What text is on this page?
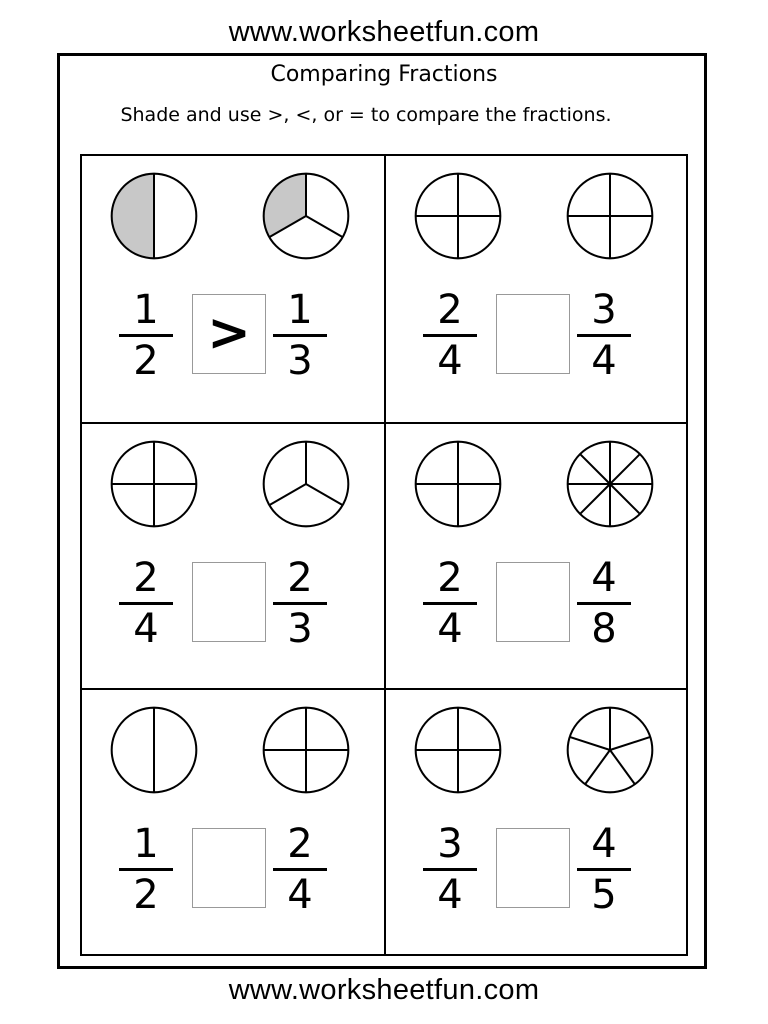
www.worksheetfun.com
Comparing Fractions
Shade and use >, <, or = to compare the fractions.
1
2 > 1
3
2
4
3
4
2
4
2
3
2
4
4
8
1
2
2
4
3
4
4
5
www.worksheetfun.com
